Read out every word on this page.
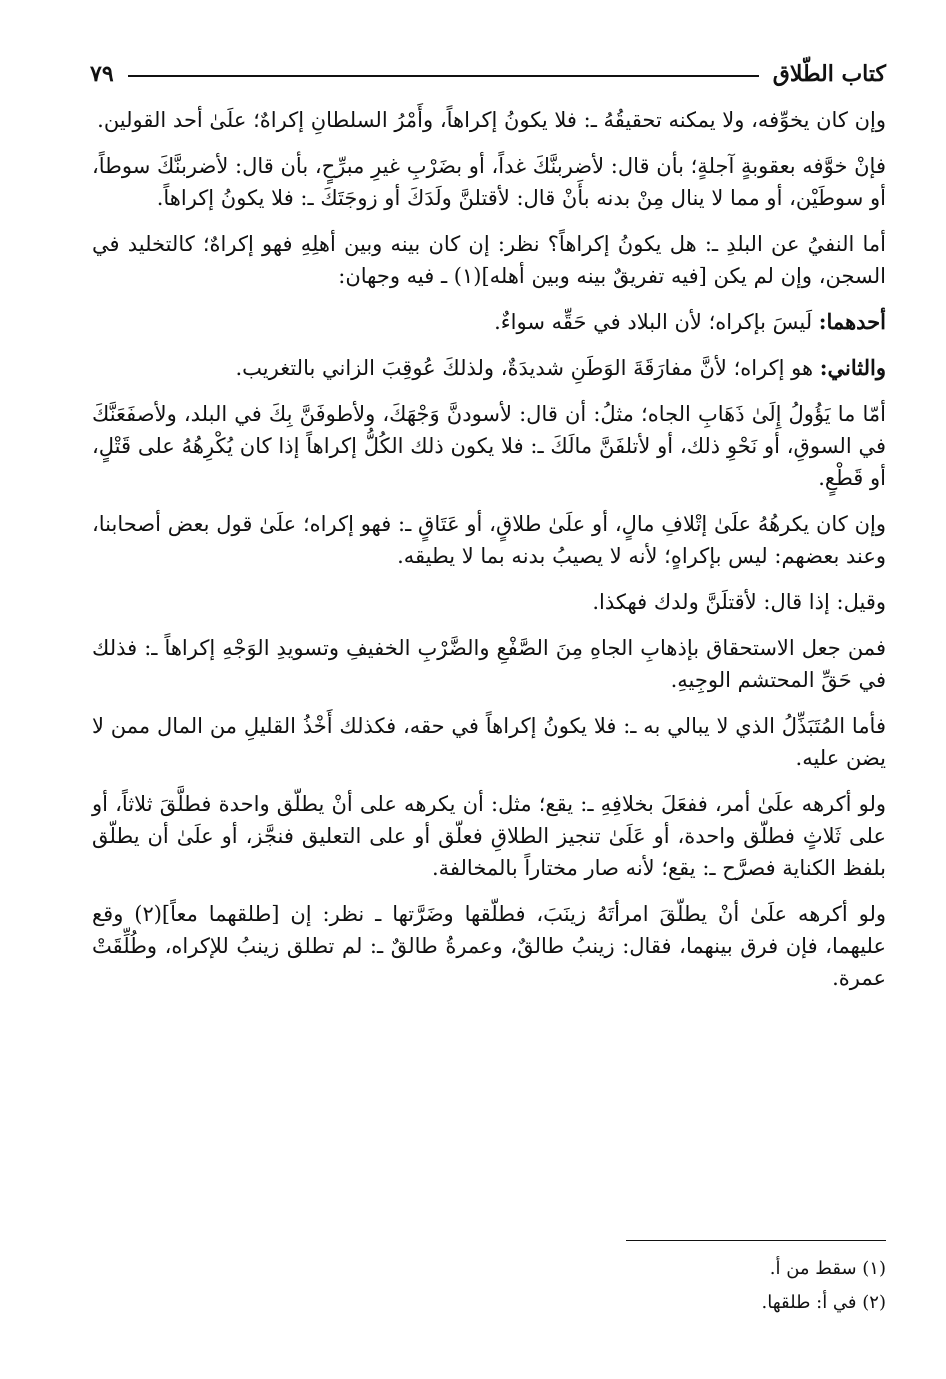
كتاب الطّلاق
٧٩

وإن كان يخوِّفه، ولا يمكنه تحقيقُهُ ـ: فلا يكونُ إكراهاً، وأَمْرُ السلطانِ إكراهٌ؛ علَىٰ أحد القولين.

فإنْ خوَّفه بعقوبةٍ آجلةٍ؛ بأن قال: لأضربنَّكَ غداً، أو بضَرْبِ غيرِ مبرِّحٍ، بأن قال: لأضربنَّكَ سوطاً، أو سوطَيْن، أو مما لا ينال مِنْ بدنه بأَنْ قال: لأقتلنَّ ولَدَكَ أو زوجَتَكَ ـ: فلا يكونُ إكراهاً.

أما النفيُ عن البلدِ ـ: هل يكونُ إكراهاً؟ نظر: إن كان بينه وبين أهلِهِ فهو إكراهٌ؛ كالتخليد في السجن، وإن لم يكن [فيه تفريقٌ بينه وبين أهله](١) ـ فيه وجهان:

أحدهما: لَيسَ بإكراه؛ لأن البلاد في حَقِّه سواءٌ.

والثاني: هو إكراه؛ لأنَّ مفارَقَةَ الوَطَنِ شديدَةٌ، ولذلكَ عُوقِبَ الزاني بالتغريب.

أمّا ما يَؤُولُ إِلَىٰ ذَهَابِ الجاه؛ مثلُ: أن قال: لأسودنَّ وَجْهَكَ، ولأطوفَنَّ بِكَ في البلد، ولأصفَعَنَّكَ في السوقِ، أو نَحْوِ ذلك، أو لأتلفَنَّ مالَكَ ـ: فلا يكون ذلك الكُلُّ إكراهاً إذا كان يُكْرِهُهُ على قَتْلٍ، أو قَطْعٍ.

وإن كان يكرهُهُ علَىٰ إتْلافِ مالٍ، أو علَىٰ طلاقٍ، أو عَتَاقٍ ـ: فهو إكراه؛ علَىٰ قول بعض أصحابنا، وعند بعضهم: ليس بإكراهٍ؛ لأنه لا يصيبُ بدنه بما لا يطيقه.

وقيل: إذا قال: لأقتلَنَّ ولدك فهكذا.

فمن جعل الاستحقاق بإذهابِ الجاهِ مِنَ الصَّفْعِ والضَّرْبِ الخفيفِ وتسويدِ الوَجْهِ إكراهاً ـ: فذلك في حَقِّ المحتشم الوجِيهِ.

فأما المُتَبَذِّلُ الذي لا يبالي به ـ: فلا يكونُ إكراهاً في حقه، فكذلك أَخْذُ القليلِ من المال ممن لا يضن عليه.

ولو أكرهه علَىٰ أمر، ففعَلَ بخلافِهِ ـ: يقع؛ مثل: أن يكرهه على أنْ يطلّق واحدة فطلَّقَ ثلاثاً، أو على ثَلاثٍ فطلّق واحدة، أو عَلَىٰ تنجيز الطلاقِ فعلّق أو على التعليق فنجَّز، أو علَىٰ أن يطلّق بلفظ الكناية فصرَّح ـ: يقع؛ لأنه صار مختاراً بالمخالفة.

ولو أكرهه علَىٰ أنْ يطلّقَ امرأتَهُ زينَبَ، فطلّقها وضَرَّتها ـ نظر: إن [طلقهما معاً](٢) وقع عليهما، فإن فرق بينهما، فقال: زينبُ طالقٌ، وعمرةُ طالقٌ ـ: لم تطلق زينبُ للإكراه، وطُلِّقَتْ عمرة.

(١) سقط من أ.

(٢) في أ: طلقها.
